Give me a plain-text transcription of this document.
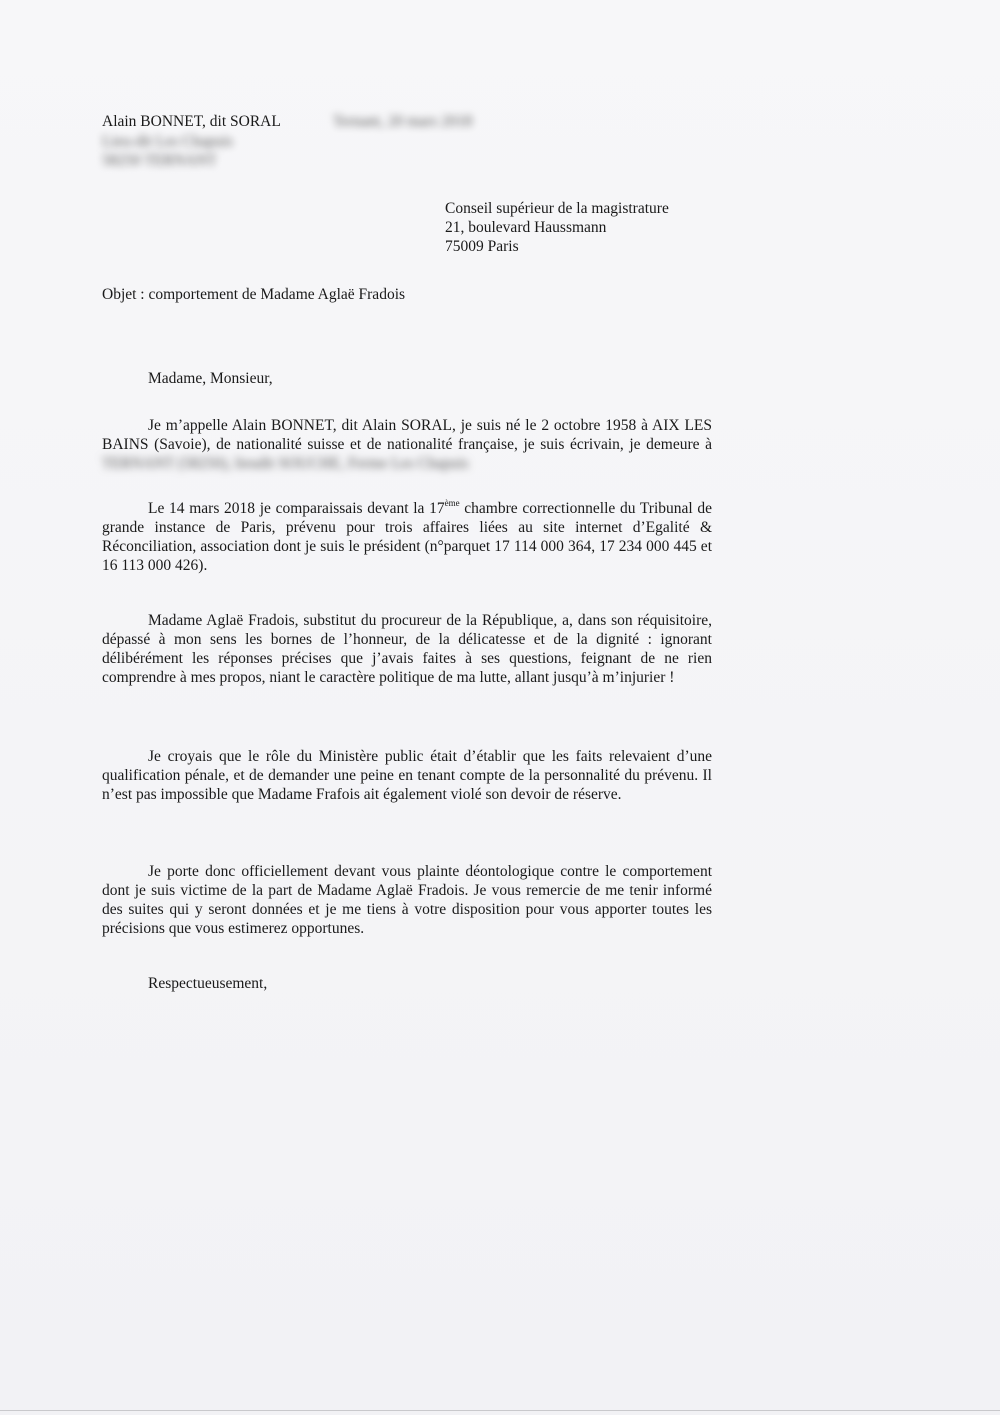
Alain BONNET, dit SORAL	Ternant, 20 mars 2018
Lieu-dit Les Chapuis
58250 TERNANT
Conseil supérieur de la magistrature
21, boulevard Haussmann
75009 Paris
Objet : comportement de Madame Aglaë Fradois
Madame, Monsieur,
Je m’appelle Alain BONNET, dit Alain SORAL, je suis né le 2 octobre 1958 à AIX LES BAINS (Savoie), de nationalité suisse et de nationalité française, je suis écrivain, je demeure à TERNANT (58250), lieudit SOUCHE, Ferme Les Chapuis
Le 14 mars 2018 je comparaissais devant la 17ème chambre correctionnelle du Tribunal de grande instance de Paris, prévenu pour trois affaires liées au site internet d’Egalité & Réconciliation, association dont je suis le président (n°parquet 17 114 000 364, 17 234 000 445 et 16 113 000 426).
Madame Aglaë Fradois, substitut du procureur de la République, a, dans son réquisitoire, dépassé à mon sens les bornes de l’honneur, de la délicatesse et de la dignité : ignorant délibérément les réponses précises que j’avais faites à ses questions, feignant de ne rien comprendre à mes propos, niant le caractère politique de ma lutte, allant jusqu’à m’injurier !
Je croyais que le rôle du Ministère public était d’établir que les faits relevaient d’une qualification pénale, et de demander une peine en tenant compte de la personnalité du prévenu. Il n’est pas impossible que Madame Frafois ait également violé son devoir de réserve.
Je porte donc officiellement devant vous plainte déontologique contre le comportement dont je suis victime de la part de Madame Aglaë Fradois. Je vous remercie de me tenir informé des suites qui y seront données et je me tiens à votre disposition pour vous apporter toutes les précisions que vous estimerez opportunes.
Respectueusement,
